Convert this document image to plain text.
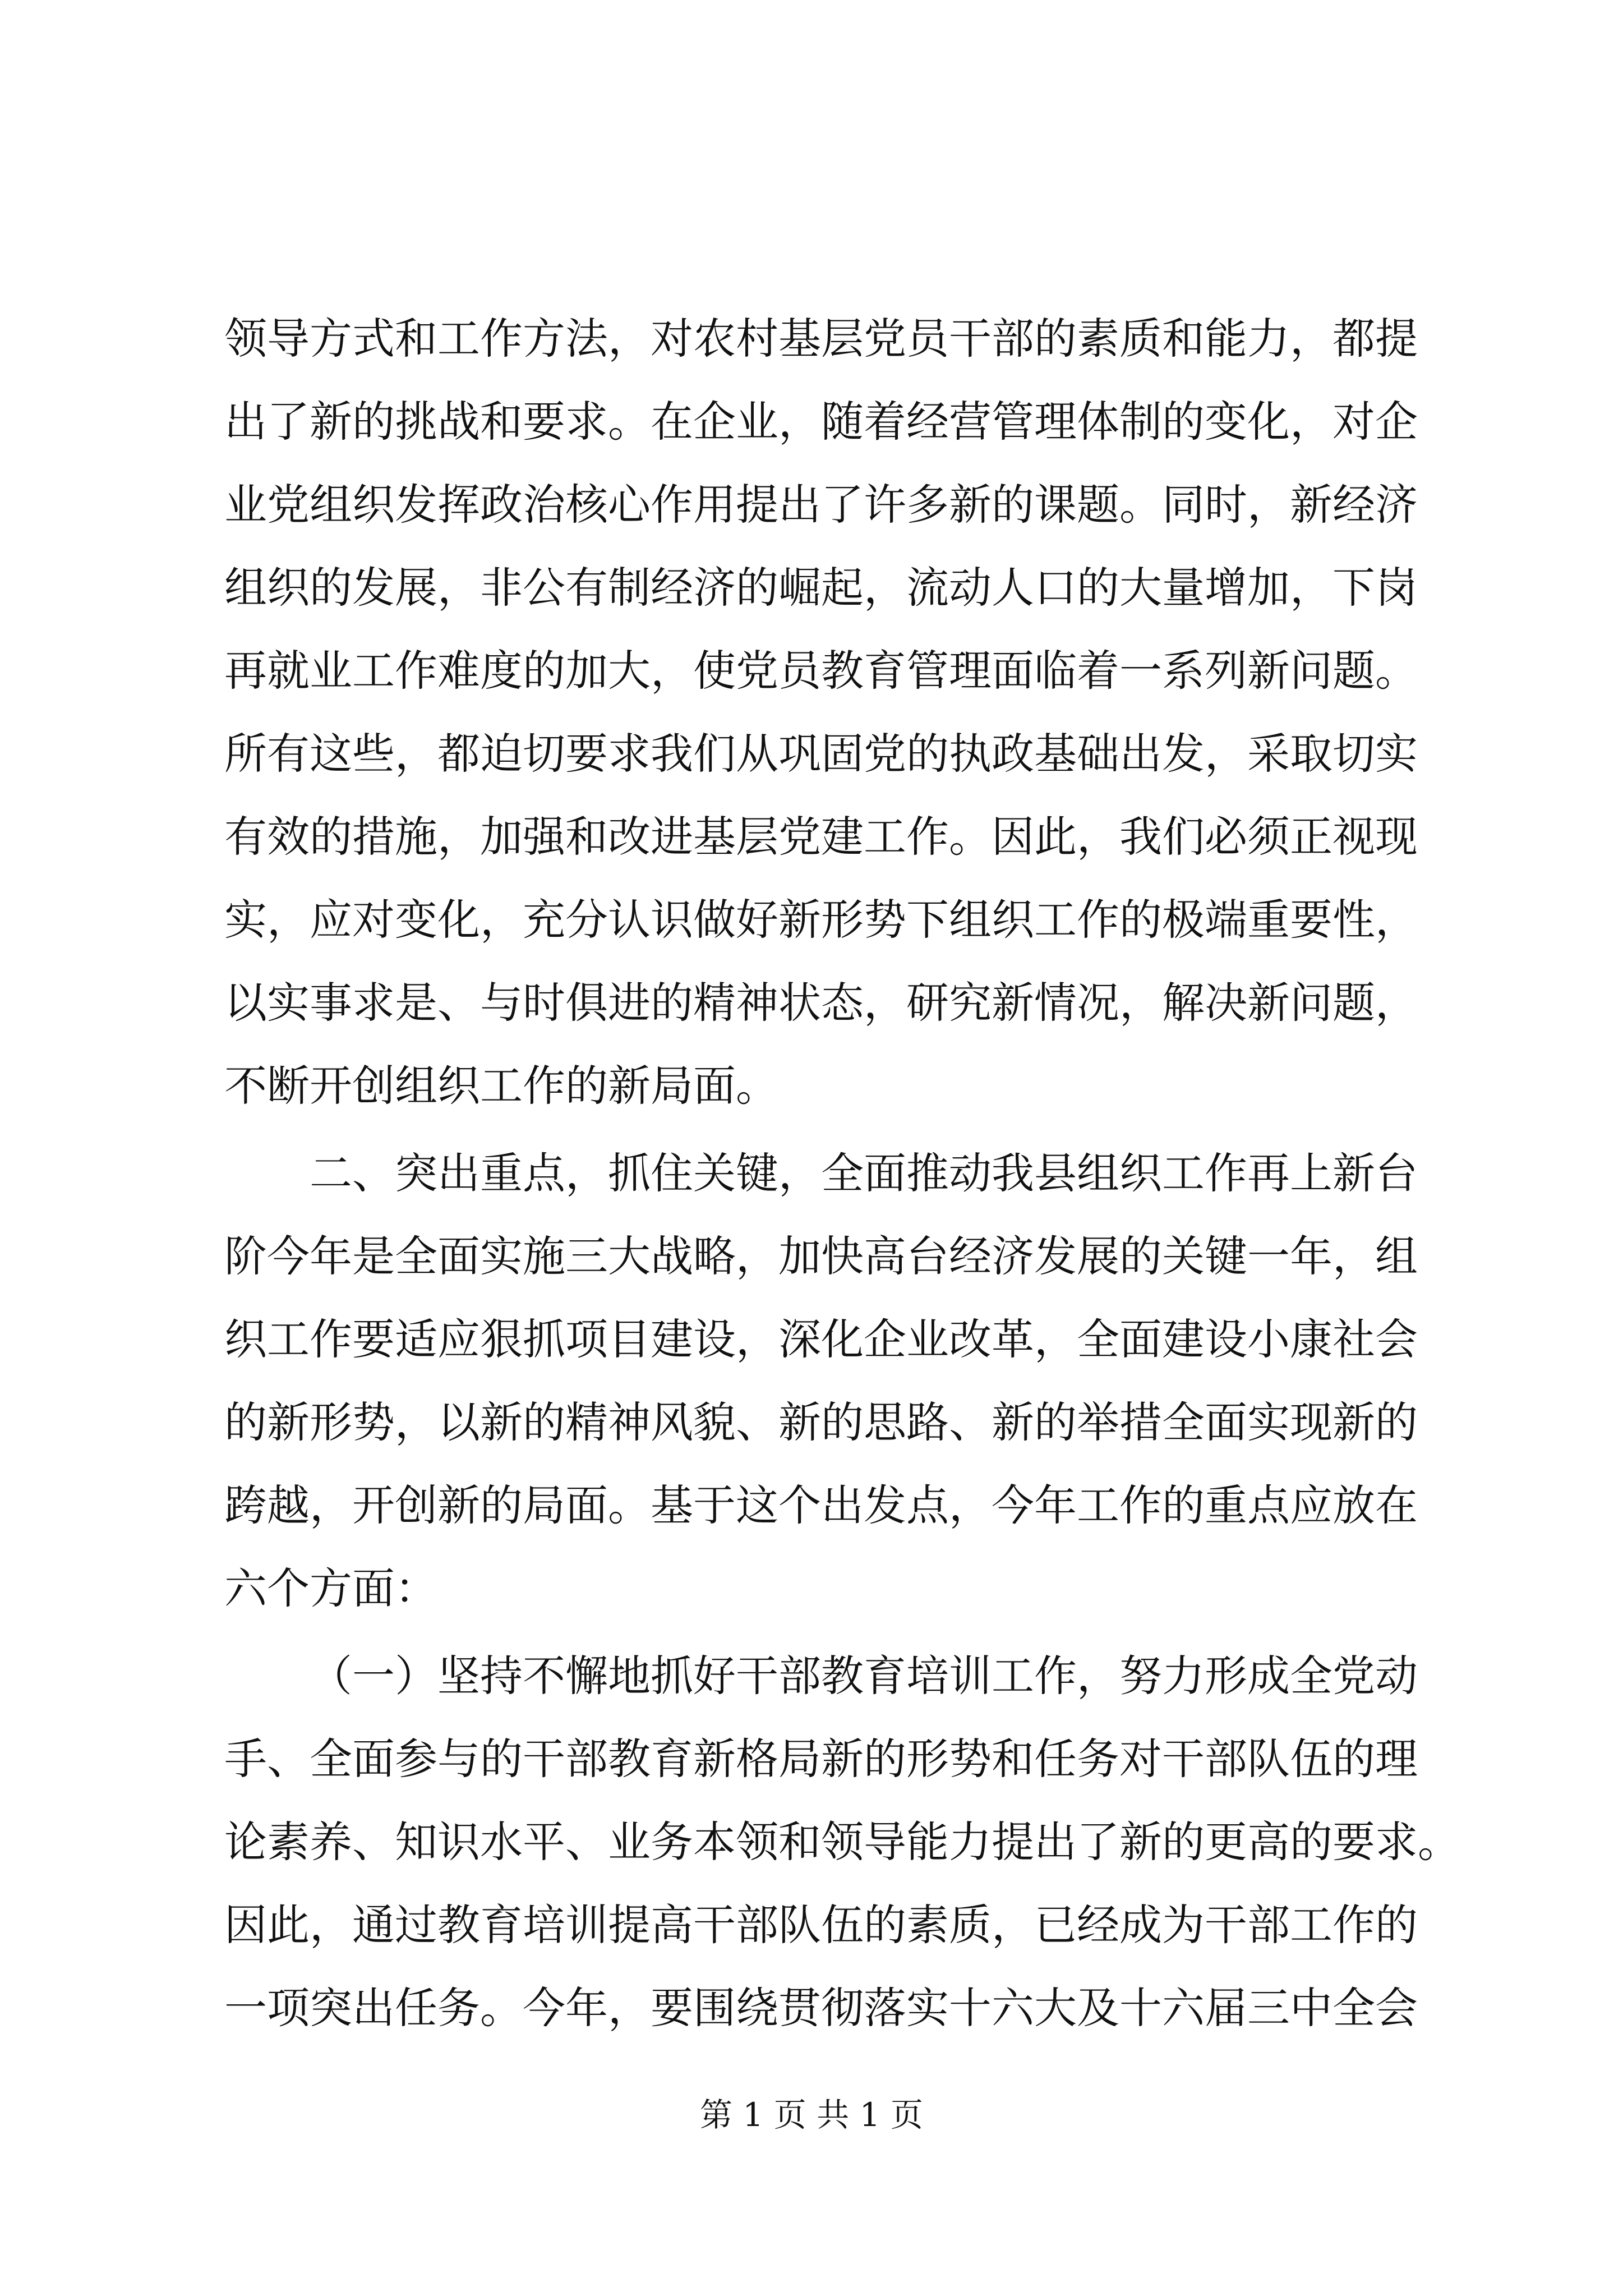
领导方式和工作方法，对农村基层党员干部的素质和能力，都提
出了新的挑战和要求。在企业，随着经营管理体制的变化，对企
业党组织发挥政治核心作用提出了许多新的课题。同时，新经济
组织的发展，非公有制经济的崛起，流动人口的大量增加，下岗
再就业工作难度的加大，使党员教育管理面临着一系列新问题。
所有这些，都迫切要求我们从巩固党的执政基础出发，采取切实
有效的措施，加强和改进基层党建工作。因此，我们必须正视现
实，应对变化，充分认识做好新形势下组织工作的极端重要性，
以实事求是、与时俱进的精神状态，研究新情况，解决新问题，
不断开创组织工作的新局面。
二、突出重点，抓住关键，全面推动我县组织工作再上新台
阶今年是全面实施三大战略，加快高台经济发展的关键一年，组
织工作要适应狠抓项目建设，深化企业改革，全面建设小康社会
的新形势，以新的精神风貌、新的思路、新的举措全面实现新的
跨越，开创新的局面。基于这个出发点，今年工作的重点应放在
六个方面：
（一）坚持不懈地抓好干部教育培训工作，努力形成全党动
手、全面参与的干部教育新格局新的形势和任务对干部队伍的理
论素养、知识水平、业务本领和领导能力提出了新的更高的要求。
因此，通过教育培训提高干部队伍的素质，已经成为干部工作的
一项突出任务。今年，要围绕贯彻落实十六大及十六届三中全会
第 1 页 共 1 页
